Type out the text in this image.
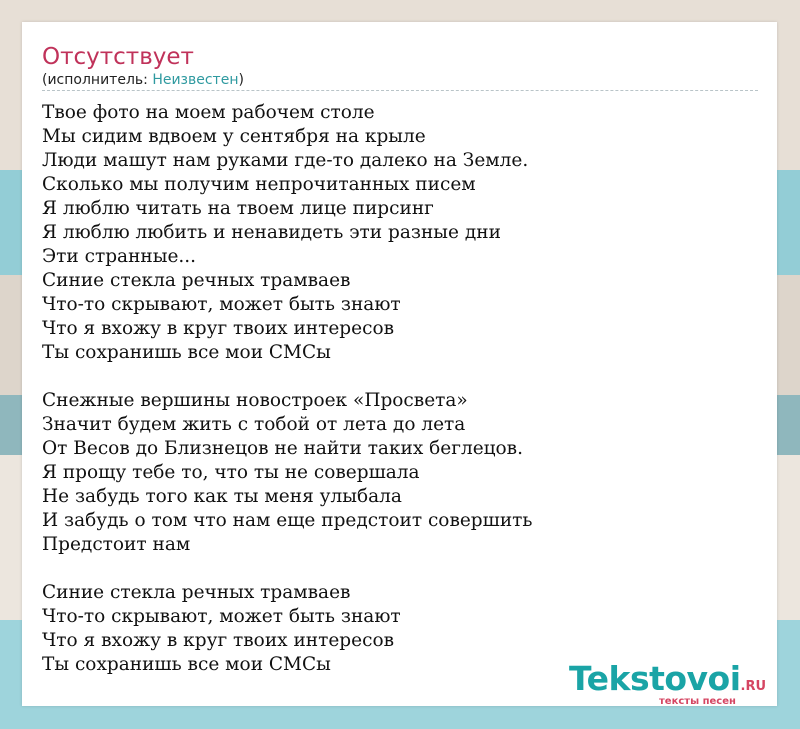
Отсутствует
(исполнитель: Неизвестен)
Твое фото на моем рабочем столе
Мы сидим вдвоем у сентября на крыле
Люди машут нам руками где-то далеко на Земле.
Сколько мы получим непрочитанных писем
Я люблю читать на твоем лице пирсинг
Я люблю любить и ненавидеть эти разные дни
Эти странные...
Синие стекла речных трамваев
Что-то скрывают, может быть знают
Что я вхожу в круг твоих интересов
Ты сохранишь все мои СМСы
Снежные вершины новостроек «Просвета»
Значит будем жить с тобой от лета до лета
От Весов до Близнецов не найти таких беглецов.
Я прощу тебе то, что ты не совершала
Не забудь того как ты меня улыбала
И забудь о том что нам еще предстоит совершить
Предстоит нам
Синие стекла речных трамваев
Что-то скрывают, может быть знают
Что я вхожу в круг твоих интересов
Ты сохранишь все мои СМСы	Tekstovoi.RU
тексты песен
